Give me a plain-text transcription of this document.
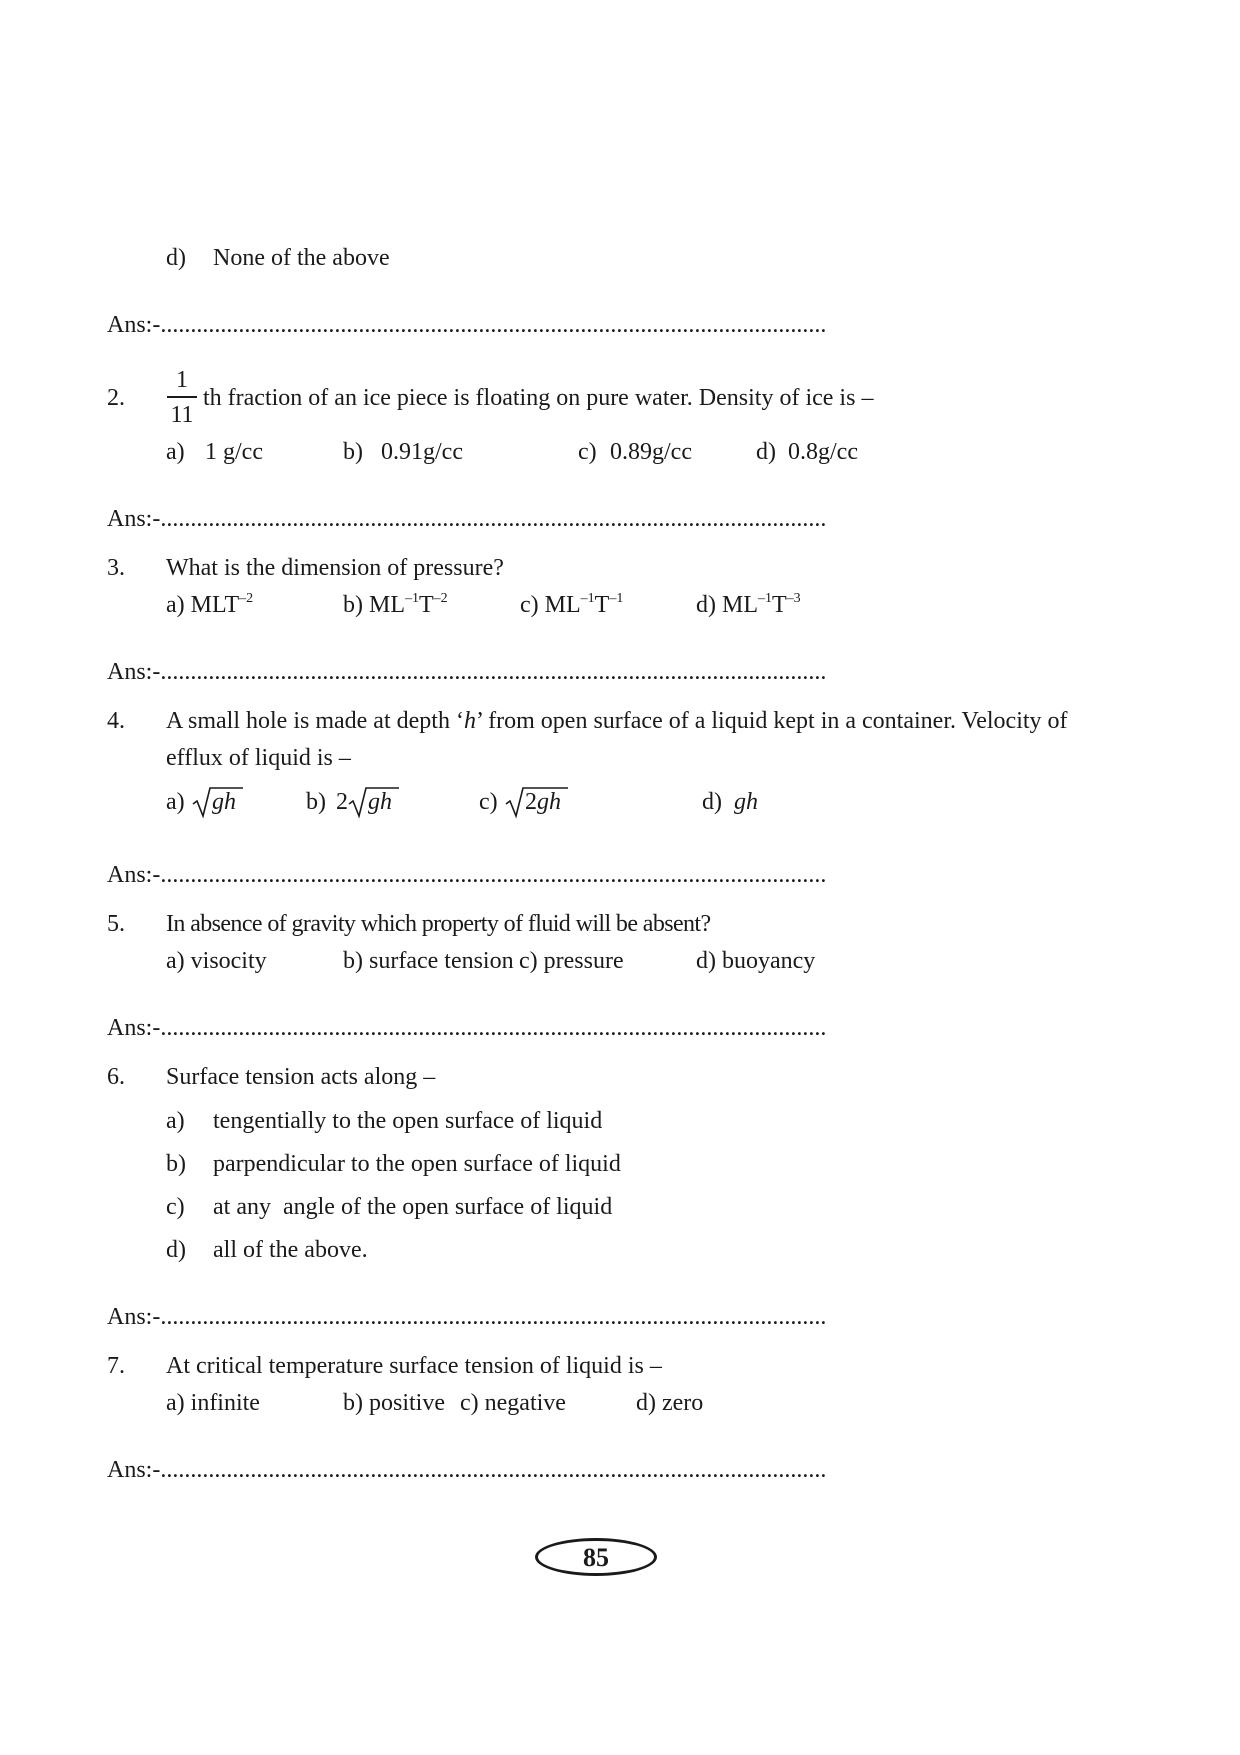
d) None of the above
Ans:-...............................................................................................................
2.
1
11
th fraction of an ice piece is floating on pure water. Density of ice is –
a) 1 g/cc	b) 0.91g/cc	c) 0.89g/cc	d) 0.8g/cc
Ans:-...............................................................................................................
3. What is the dimension of pressure?
a) $MLT^{-2}$	b) $ML^{-1}T^{-2}$	c) $ML^{-1}T^{-1}$	d) $ML^{-1}T^{-3}$
Ans:-...............................................................................................................
4. A small hole is made at depth ‘h’ from open surface of a liquid kept in a container. Velocity of
efflux of liquid is –
a)	gh	b) 2 gh	c)	2gh	d) gh
Ans:-...............................................................................................................
5. In absence of gravity which property of fluid will be absent?
a) visocity	b) surface tension c) pressure	d) buoyancy
Ans:-...............................................................................................................
6. Surface tension acts along –
a) tengentially to the open surface of liquid
b) parpendicular to the open surface of liquid
c) at any  angle of the open surface of liquid
d) all of the above.
Ans:-...............................................................................................................
7. At critical temperature surface tension of liquid is –
a) infinite	b) positive c) negative	d) zero
Ans:-...............................................................................................................
85
